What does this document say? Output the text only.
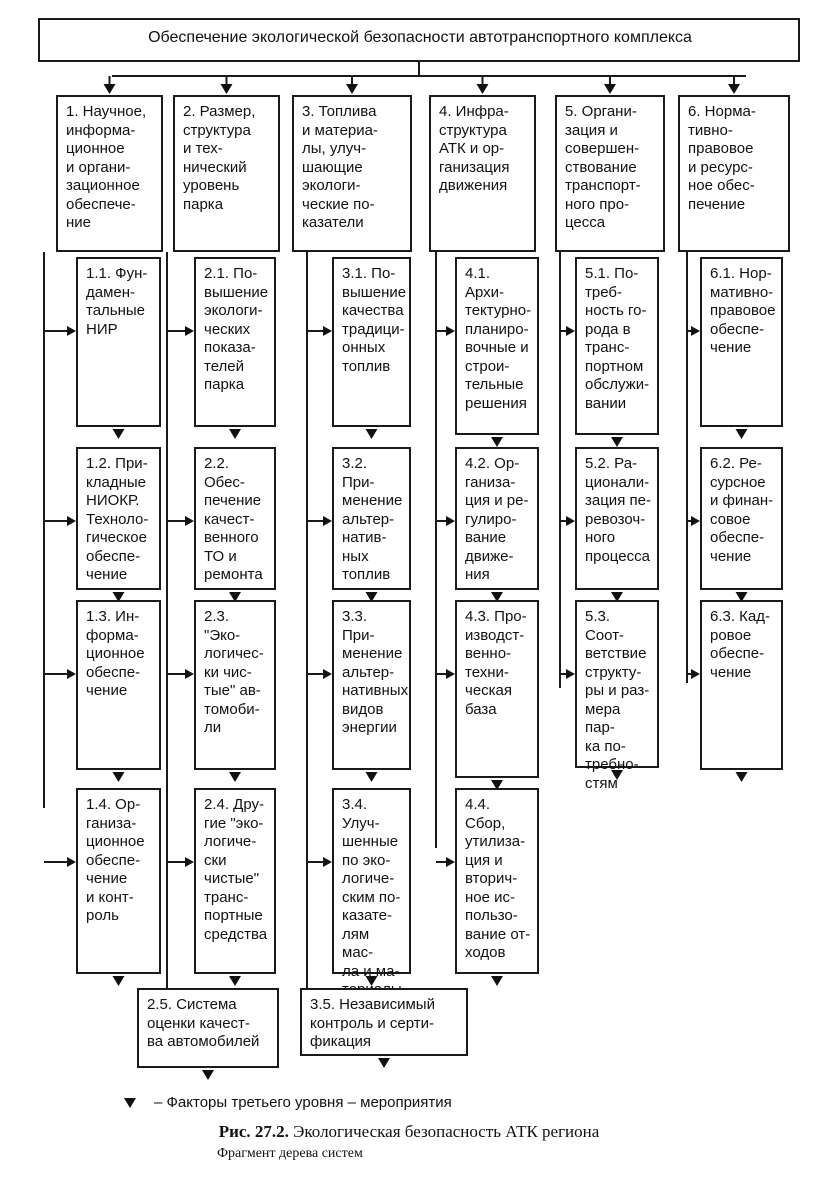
Обеспечение экологической безопасности автотранспортного комплекса
1. Научное,
информа-
ционное
и органи-
зационное
обеспече-
ние
1.1. Фун-
дамен-
тальные
НИР
1.2. При-
кладные
НИОКР.
Техноло-
гическое
обеспе-
чение
1.3. Ин-
форма-
ционное
обеспе-
чение
1.4. Ор-
ганиза-
ционное
обеспе-
чение
и конт-
роль
2. Размер,
структура
и тех-
нический
уровень
парка
2.1. По-
вышение
экологи-
ческих
показа-
телей
парка
2.2. Обес-
печение
качест-
венного
ТО и
ремонта
2.3. "Эко-
логичес-
ки чис-
тые" ав-
томоби-
ли
2.4. Дру-
гие "эко-
логиче-
ски чистые"
транс-
портные
средства
3. Топлива
и материа-
лы, улуч-
шающие
экологи-
ческие по-
казатели
3.1. По-
вышение
качества
традици-
онных
топлив
3.2. При-
менение
альтер-
натив-
ных
топлив
3.3. При-
менение
альтер-
нативных
видов
энергии
3.4. Улуч-
шенные
по эко-
логиче-
ским по-
казате-
лям мас-
ла и ма-

4. Инфра-
структура
АТК и ор-
ганизация
движения
4.1. Архи-
тектурно-
планиро-
вочные и
строи-
тельные
решения
4.2. Ор-
ганиза-
ция и ре-
гулиро-
вание
движе-
ния
4.3. Про-
изводст-
венно-
техни-
ческая
база
4.4. Сбор,
утилиза-
ция и
вторич-
ное ис-
пользо-
вание от-
ходов
5. Органи-
зация и
совершен-
ствование
транспорт-
ного про-
цесса
5.1. По-
треб-
ность го-
рода в
транс-
портном
обслужи-
вании
5.2. Ра-
ционали-
зация пе-
ревозоч-
ного
процесса
5.3. Соот-
ветствие
структу-
ры и раз-
мера пар-
ка по-
требно-
стям
6. Норма-
тивно-
правовое
и ресурс-
ное обес-
печение
6.1. Нор-
мативно-
правовое
обеспе-
чение
6.2. Ре-
сурсное
и финан-
совое
обеспе-
чение
6.3. Кад-
ровое
обеспе-
чение
2.5. Система
оценки качест-
ва автомобилей
3.5. Независимый
контроль и серти-
фикация
– Факторы третьего уровня – мероприятия
Рис. 27.2. Экологическая безопасность АТК региона
Фрагмент дерева систем
